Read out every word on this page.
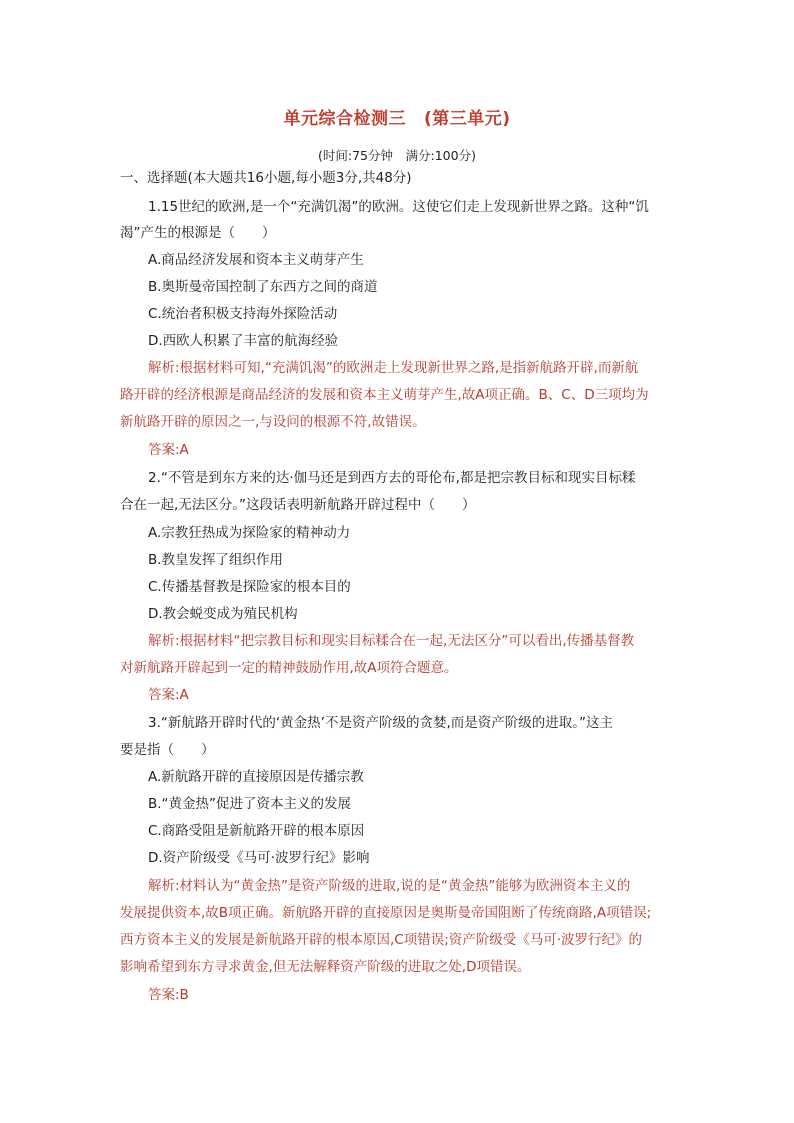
单元综合检测三 (第三单元)
(时间:75分钟　满分:100分)
一、选择题(本大题共16小题,每小题3分,共48分)
1.15世纪的欧洲,是一个“充满饥渴”的欧洲。这使它们走上发现新世界之路。这种“饥
渴”产生的根源是（　　）
A.商品经济发展和资本主义萌芽产生
B.奥斯曼帝国控制了东西方之间的商道
C.统治者积极支持海外探险活动
D.西欧人积累了丰富的航海经验
解析:根据材料可知,“充满饥渴”的欧洲走上发现新世界之路,是指新航路开辟,而新航
路开辟的经济根源是商品经济的发展和资本主义萌芽产生,故A项正确。B、C、D三项均为
新航路开辟的原因之一,与设问的根源不符,故错误。
答案:A
2.“不管是到东方来的达·伽马还是到西方去的哥伦布,都是把宗教目标和现实目标糅
合在一起,无法区分。”这段话表明新航路开辟过程中（　　）
A.宗教狂热成为探险家的精神动力
B.教皇发挥了组织作用
C.传播基督教是探险家的根本目的
D.教会蜕变成为殖民机构
解析:根据材料“把宗教目标和现实目标糅合在一起,无法区分”可以看出,传播基督教
对新航路开辟起到一定的精神鼓励作用,故A项符合题意。
答案:A
3.“新航路开辟时代的‘黄金热’不是资产阶级的贪婪,而是资产阶级的进取。”这主
要是指（　　）
A.新航路开辟的直接原因是传播宗教
B.“黄金热”促进了资本主义的发展
C.商路受阻是新航路开辟的根本原因
D.资产阶级受《马可·波罗行纪》影响
解析:材料认为“黄金热”是资产阶级的进取,说的是“黄金热”能够为欧洲资本主义的
发展提供资本,故B项正确。新航路开辟的直接原因是奥斯曼帝国阻断了传统商路,A项错误;
西方资本主义的发展是新航路开辟的根本原因,C项错误;资产阶级受《马可·波罗行纪》的
影响希望到东方寻求黄金,但无法解释资产阶级的进取之处,D项错误。
答案:B
